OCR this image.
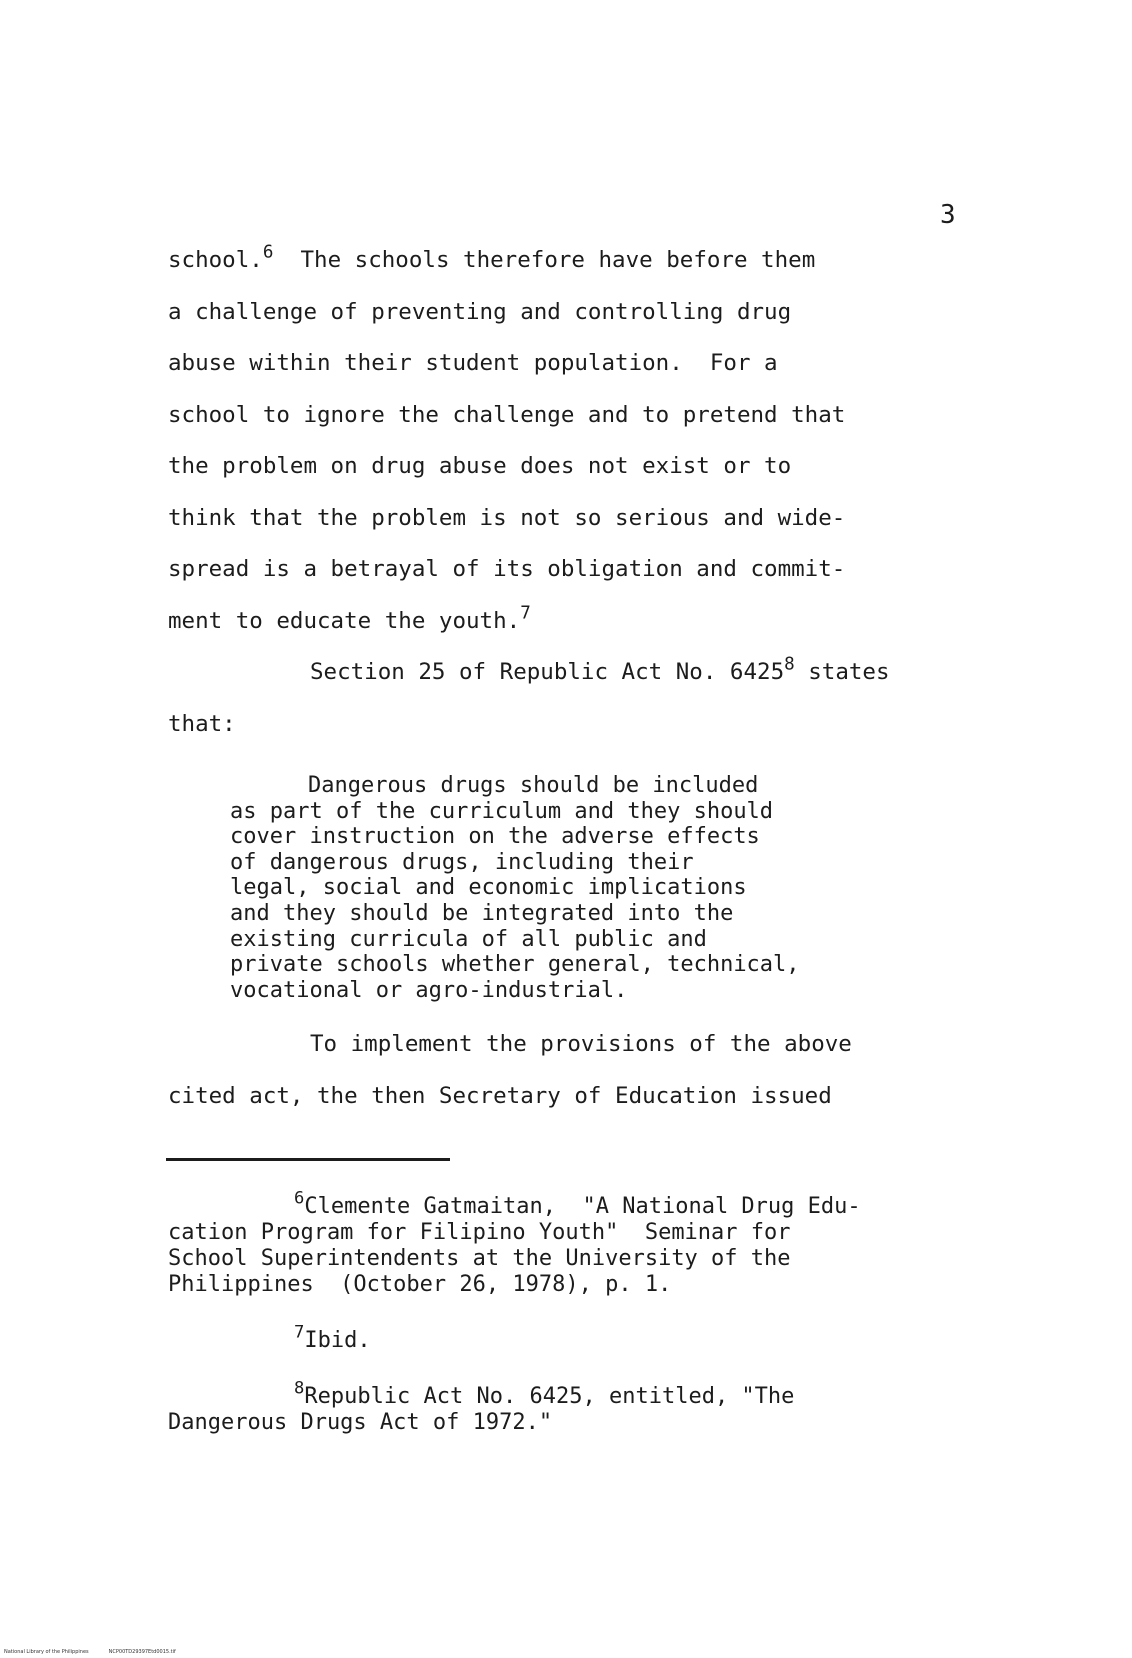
3
school.$^6$  The schools therefore have before them
a challenge of preventing and controlling drug
abuse within their student population.  For a
school to ignore the challenge and to pretend that
the problem on drug abuse does not exist or to
think that the problem is not so serious and wide-
spread is a betrayal of its obligation and commit-
ment to educate the youth.$^7$
Section 25 of Republic Act No. 6425$^8$ states
that:
Dangerous drugs should be included
as part of the curriculum and they should
cover instruction on the adverse effects
of dangerous drugs, including their
legal, social and economic implications
and they should be integrated into the
existing curricula of all public and
private schools whether general, technical,
vocational or agro-industrial.
To implement the provisions of the above
cited act, the then Secretary of Education issued
$^6$Clemente Gatmaitan,  "A National Drug Edu-
cation Program for Filipino Youth"  Seminar for
School Superintendents at the University of the
Philippines  (October 26, 1978), p. 1.
$^7$Ibid.
$^8$Republic Act No. 6425, entitled, "The
Dangerous Drugs Act of 1972."
National Library of the Philippines	NCP00TD29397Etd0015.tif
